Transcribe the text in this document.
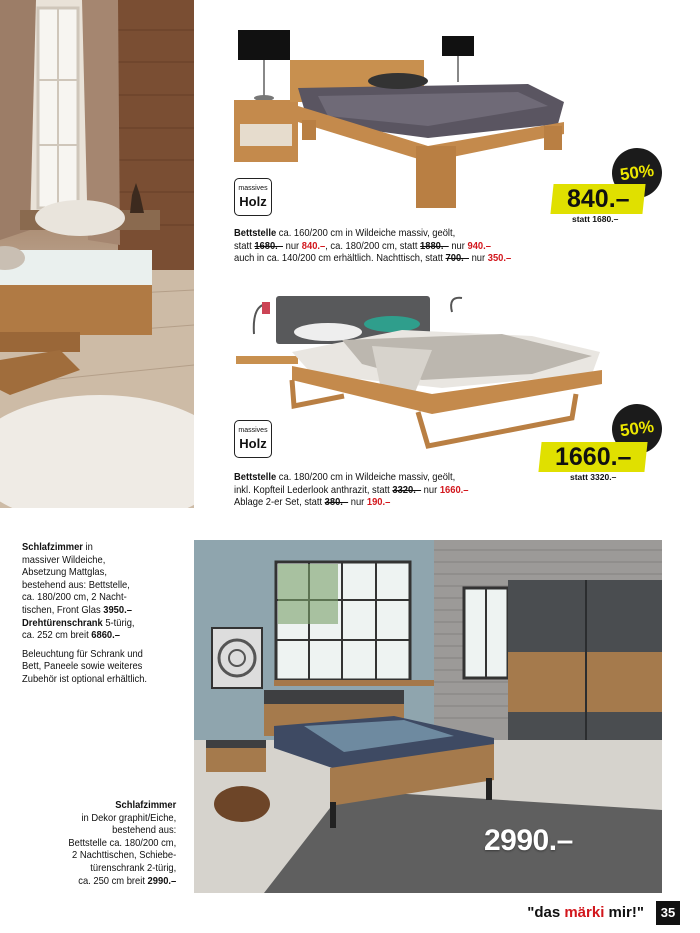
massives
Holz
50%
840.–
statt 1680.–
Bettstelle ca. 160/200 cm in Wildeiche massiv, geölt,
statt 1680.– nur 840.–, ca. 180/200 cm, statt 1880.– nur 940.–
auch in ca. 140/200 cm erhältlich. Nachttisch, statt 700.– nur 350.–
massives
Holz
50%
1660.–
statt 3320.–
Bettstelle ca. 180/200 cm in Wildeiche massiv, geölt,
inkl. Kopfteil Lederlook anthrazit, statt 3320.– nur 1660.–
Ablage 2-er Set, statt 380.– nur 190.–
Schlafzimmer in
massiver Wildeiche,
Absetzung Mattglas,
bestehend aus: Bettstelle,
ca. 180/200 cm, 2 Nacht-
tischen, Front Glas 3950.–
Drehtürenschrank 5-türig,
ca. 252 cm breit 6860.–
Beleuchtung für Schrank und
Bett, Paneele sowie weiteres
Zubehör ist optional erhältlich.
Schlafzimmer
in Dekor graphit/Eiche,
bestehend aus:
Bettstelle ca. 180/200 cm,
2 Nachttischen, Schiebe-
türenschrank 2-türig,
ca. 250 cm breit 2990.–
2990.–
"das märki mir!"	35
